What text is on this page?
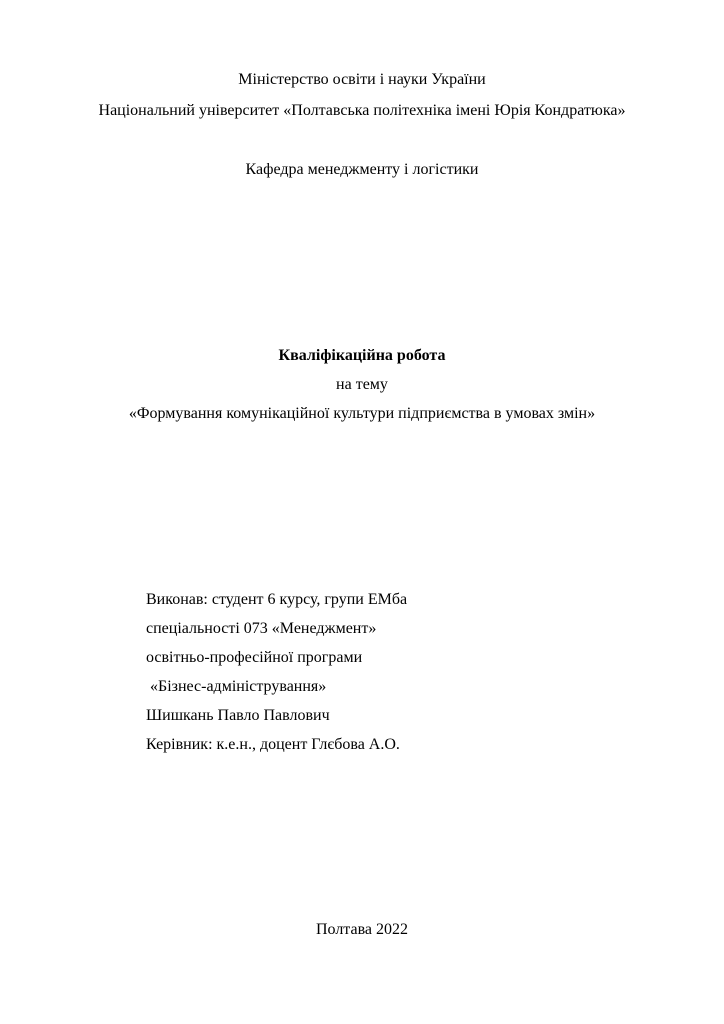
Міністерство освіти і науки України
Національний університет «Полтавська політехніка імені Юрія Кондратюка»
Кафедра менеджменту і логістики
Кваліфікаційна робота
на тему
«Формування комунікаційної культури підприємства в умовах змін»
Виконав: студент 6 курсу, групи ЕМба
спеціальності 073 «Менеджмент»
освітньо-професійної програми
«Бізнес-адміністрування»
Шишкань Павло Павлович
Керівник: к.е.н., доцент Глєбова А.О.
Полтава 2022
